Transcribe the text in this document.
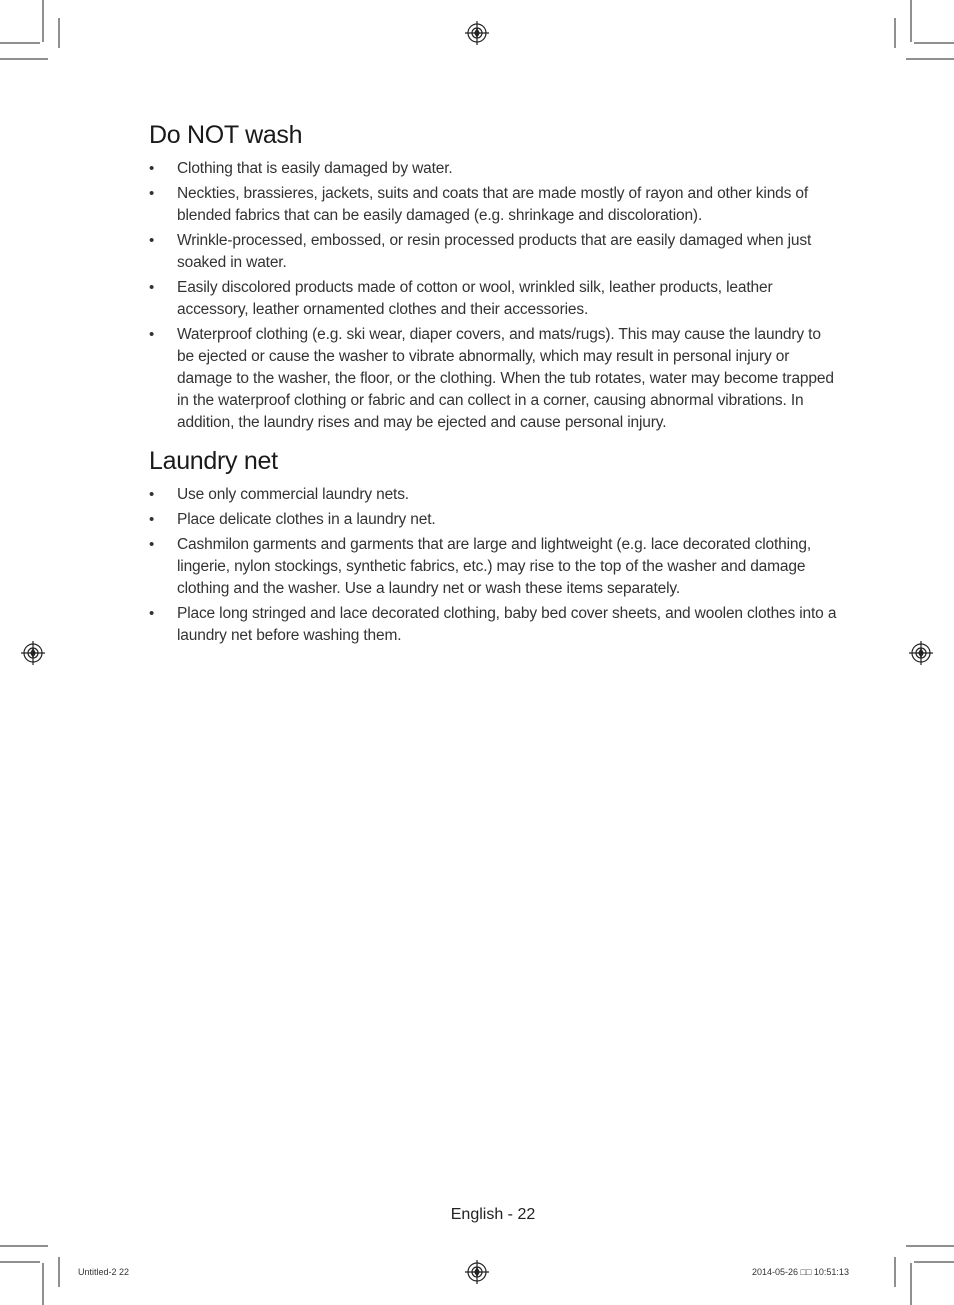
Do NOT wash
• Clothing that is easily damaged by water.
• Neckties, brassieres, jackets, suits and coats that are made mostly of rayon and other kinds of blended fabrics that can be easily damaged (e.g. shrinkage and discoloration).
• Wrinkle-processed, embossed, or resin processed products that are easily damaged when just soaked in water.
• Easily discolored products made of cotton or wool, wrinkled silk, leather products, leather accessory, leather ornamented clothes and their accessories.
• Waterproof clothing (e.g. ski wear, diaper covers, and mats/rugs). This may cause the laundry to be ejected or cause the washer to vibrate abnormally, which may result in personal injury or damage to the washer, the floor, or the clothing. When the tub rotates, water may become trapped in the waterproof clothing or fabric and can collect in a corner, causing abnormal vibrations. In addition, the laundry rises and may be ejected and cause personal injury.
Laundry net
• Use only commercial laundry nets.
• Place delicate clothes in a laundry net.
• Cashmilon garments and garments that are large and lightweight (e.g. lace decorated clothing, lingerie, nylon stockings, synthetic fabrics, etc.) may rise to the top of the washer and damage clothing and the washer. Use a laundry net or wash these items separately.
• Place long stringed and lace decorated clothing, baby bed cover sheets, and woolen clothes into a laundry net before washing them.
English - 22
Untitled-2 22	2014-05-26 □□ 10:51:13
